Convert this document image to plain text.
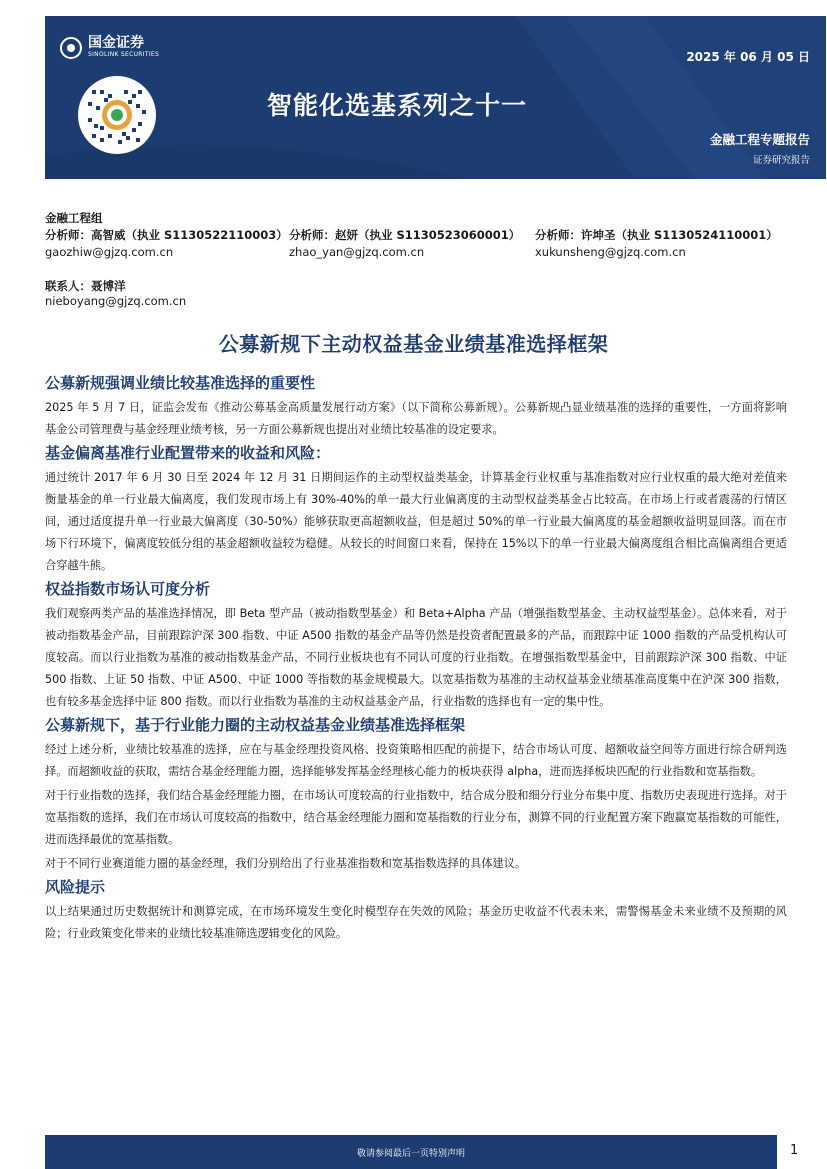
国金证券
SINOLINK SECURITIES	2025 年 06 月 05 日
智能化选基系列之十一
金融工程专题报告
证券研究报告
金融工程组
分析师：高智威（执业 S1130522110003）
gaozhiw@gjzq.com.cn
分析师：赵妍（执业 S1130523060001）
zhao_yan@gjzq.com.cn
分析师：许坤圣（执业 S1130524110001）
xukunsheng@gjzq.com.cn
联系人：聂博洋
nieboyang@gjzq.com.cn
公募新规下主动权益基金业绩基准选择框架
公募新规强调业绩比较基准选择的重要性

2025 年 5 月 7 日，证监会发布《推动公募基金高质量发展行动方案》（以下简称公募新规）。公募新规凸显业绩基准的选择的重要性，一方面将影响基金公司管理费与基金经理业绩考核，另一方面公募新规也提出对业绩比较基准的设定要求。

基金偏离基准行业配置带来的收益和风险：

通过统计 2017 年 6 月 30 日至 2024 年 12 月 31 日期间运作的主动型权益类基金，计算基金行业权重与基准指数对应行业权重的最大绝对差值来衡量基金的单一行业最大偏离度，我们发现市场上有 30%-40%的单一最大行业偏离度的主动型权益类基金占比较高。在市场上行或者震荡的行情区间，通过适度提升单一行业最大偏离度（30-50%）能够获取更高超额收益，但是超过 50%的单一行业最大偏离度的基金超额收益明显回落。而在市场下行环境下，偏离度较低分组的基金超额收益较为稳健。从较长的时间窗口来看，保持在 15%以下的单一行业最大偏离度组合相比高偏离组合更适合穿越牛熊。

权益指数市场认可度分析

我们观察两类产品的基准选择情况，即 Beta 型产品（被动指数型基金）和 Beta+Alpha 产品（增强指数型基金、主动权益型基金）。总体来看，对于被动指数基金产品，目前跟踪沪深 300 指数、中证 A500 指数的基金产品等仍然是投资者配置最多的产品，而跟踪中证 1000 指数的产品受机构认可度较高。而以行业指数为基准的被动指数基金产品，不同行业板块也有不同认可度的行业指数。在增强指数型基金中，目前跟踪沪深 300 指数、中证 500 指数、上证 50 指数、中证 A500、中证 1000 等指数的基金规模最大。以宽基指数为基准的主动权益基金业绩基准高度集中在沪深 300 指数，也有较多基金选择中证 800 指数。而以行业指数为基准的主动权益基金产品，行业指数的选择也有一定的集中性。

公募新规下，基于行业能力圈的主动权益基金业绩基准选择框架

经过上述分析，业绩比较基准的选择，应在与基金经理投资风格、投资策略相匹配的前提下，结合市场认可度、超额收益空间等方面进行综合研判选择。而超额收益的获取，需结合基金经理能力圈，选择能够发挥基金经理核心能力的板块获得 alpha，进而选择板块匹配的行业指数和宽基指数。

对于行业指数的选择，我们结合基金经理能力圈，在市场认可度较高的行业指数中，结合成分股和细分行业分布集中度、指数历史表现进行选择。对于宽基指数的选择，我们在市场认可度较高的指数中，结合基金经理能力圈和宽基指数的行业分布，测算不同的行业配置方案下跑赢宽基指数的可能性，进而选择最优的宽基指数。

对于不同行业赛道能力圈的基金经理，我们分别给出了行业基准指数和宽基指数选择的具体建议。

风险提示

以上结果通过历史数据统计和测算完成，在市场环境发生变化时模型存在失效的风险；基金历史收益不代表未来，需警惕基金未来业绩不及预期的风险；行业政策变化带来的业绩比较基准筛选逻辑变化的风险。

敬请参阅最后一页特别声明	1
